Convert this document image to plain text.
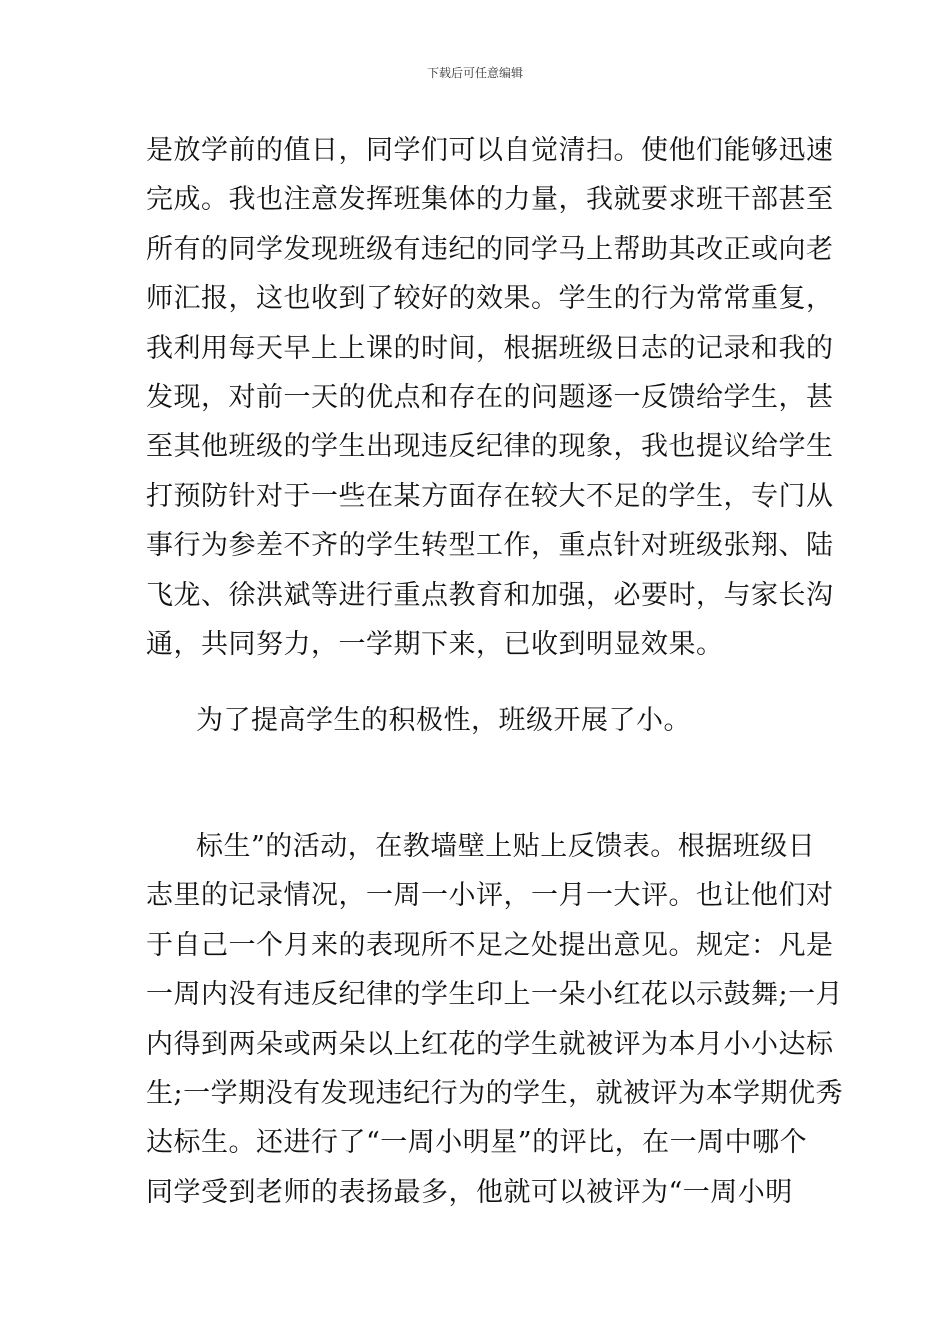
下载后可任意编辑
是放学前的值日，同学们可以自觉清扫。使他们能够迅速
完成。我也注意发挥班集体的力量，我就要求班干部甚至
所有的同学发现班级有违纪的同学马上帮助其改正或向老
师汇报，这也收到了较好的效果。学生的行为常常重复，
我利用每天早上上课的时间，根据班级日志的记录和我的
发现，对前一天的优点和存在的问题逐一反馈给学生，甚
至其他班级的学生出现违反纪律的现象，我也提议给学生
打预防针对于一些在某方面存在较大不足的学生，专门从
事行为参差不齐的学生转型工作，重点针对班级张翔、陆
飞龙、徐洪斌等进行重点教育和加强，必要时，与家长沟
通，共同努力，一学期下来，已收到明显效果。
为了提高学生的积极性，班级开展了小。
标生”的活动，在教墙壁上贴上反馈表。根据班级日
志里的记录情况，一周一小评，一月一大评。也让他们对
于自己一个月来的表现所不足之处提出意见。规定：凡是
一周内没有违反纪律的学生印上一朵小红花以示鼓舞;一月
内得到两朵或两朵以上红花的学生就被评为本月小小达标
生;一学期没有发现违纪行为的学生，就被评为本学期优秀
达标生。还进行了“一周小明星”的评比，在一周中哪个
同学受到老师的表扬最多，他就可以被评为“一周小明
